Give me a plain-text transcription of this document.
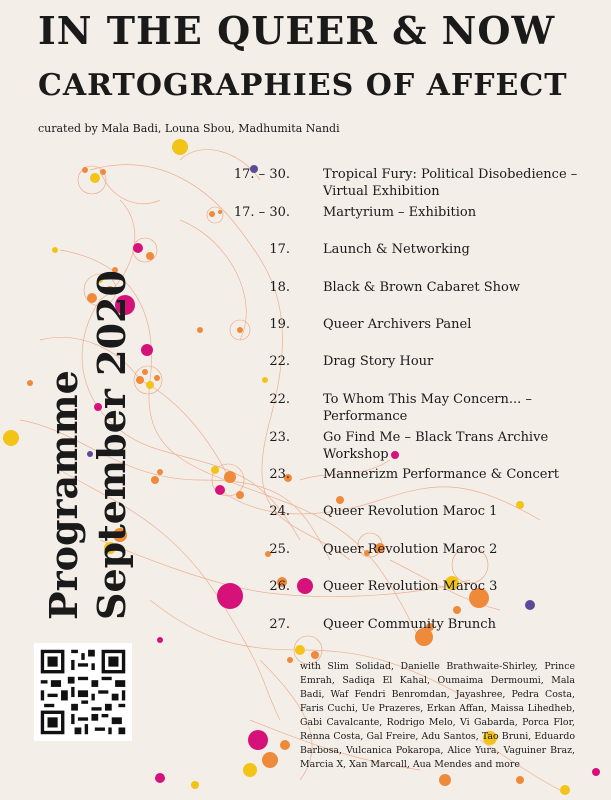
IN THE QUEER & NOW
CARTOGRAPHIES OF AFFECT
curated by Mala Badi, Louna Sbou, Madhumita Nandi
Programme September 2020
17. – 30.	Tropical Fury: Political Disobedience – Virtual Exhibition
17. – 30.	Martyrium – Exhibition
17.	Launch & Networking
18.	Black & Brown Cabaret Show
19.	Queer Archivers Panel
22.	Drag Story Hour
22.	To Whom This May Concern... – Performance
23.	Go Find Me – Black Trans Archive Workshop
23.	Mannerizm Performance & Concert
24.	Queer Revolution Maroc 1
25.	Queer Revolution Maroc 2
26.	Queer Revolution Maroc 3
27.	Queer Community Brunch
with Slim Solidad, Danielle Brathwaite-Shirley, Prince Emrah, Sadiqa El Kahal, Oumaima Dermoumi, Mala Badi, Waf Fendri Benromdan, Jayashree, Pedra Costa, Faris Cuchi, Ue Prazeres, Erkan Affan, Maissa Lihedheb, Gabi Cavalcante, Rodrigo Melo, Vi Gabarda, Porca Flor, Renna Costa, Gal Freire, Adu Santos, Tao Bruni, Eduardo Barbosa, Vulcanica Pokaropa, Alice Yura, Vaguiner Braz, Marcia X, Xan Marcall, Aua Mendes and more
